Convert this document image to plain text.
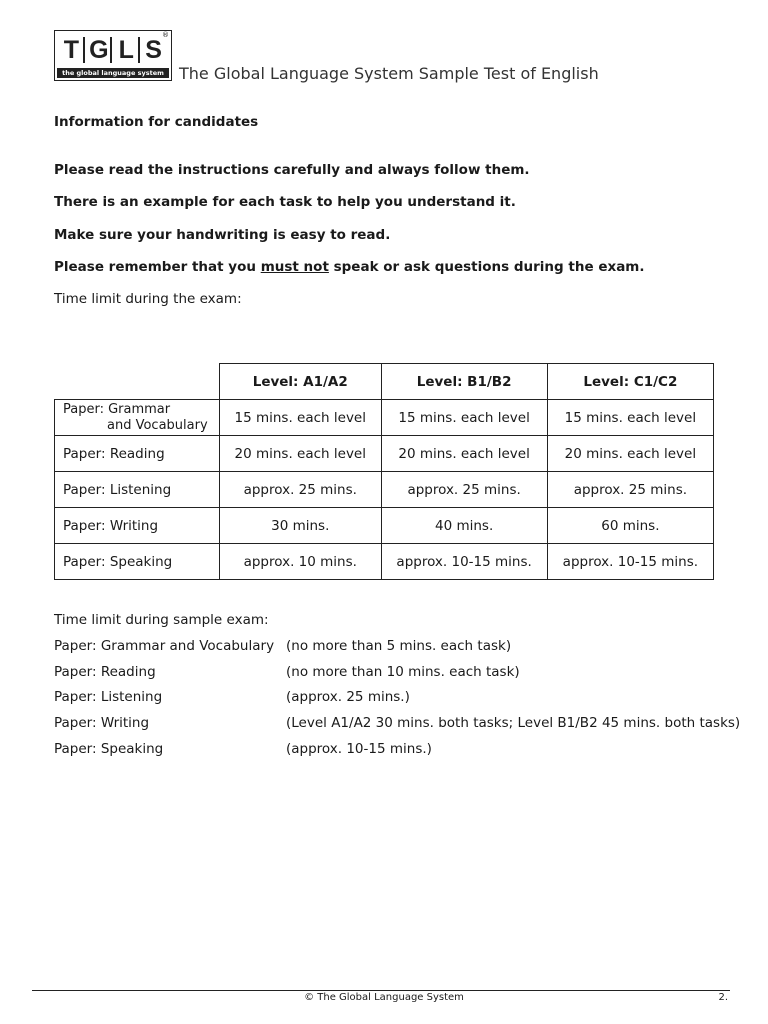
T G L S
®
the global language system The Global Language System Sample Test of English
Information for candidates
Please read the instructions carefully and always follow them.
There is an example for each task to help you understand it.
Make sure your handwriting is easy to read.
Please remember that you must not speak or ask questions during the exam.
Time limit during the exam:
	Level: A1/A2	Level: B1/B2	Level: C1/C2
Paper: Grammar
and Vocabulary	15 mins. each level	15 mins. each level	15 mins. each level
Paper: Reading	20 mins. each level	20 mins. each level	20 mins. each level
Paper: Listening	approx. 25 mins.	approx. 25 mins.	approx. 25 mins.
Paper: Writing	30 mins.	40 mins.	60 mins.
Paper: Speaking	approx. 10 mins.	approx. 10-15 mins.	approx. 10-15 mins.
Time limit during sample exam:
Paper: Grammar and Vocabulary (no more than 5 mins. each task)
Paper: Reading	(no more than 10 mins. each task)
Paper: Listening	(approx. 25 mins.)
Paper: Writing	(Level A1/A2 30 mins. both tasks; Level B1/B2 45 mins. both tasks)
Paper: Speaking	(approx. 10-15 mins.)
© The Global Language System	2.
